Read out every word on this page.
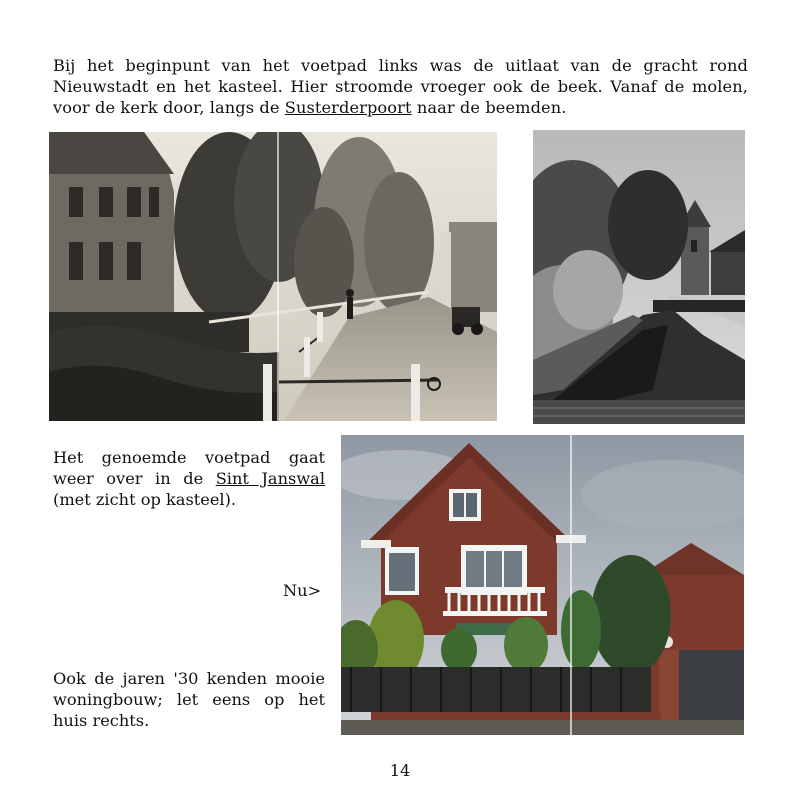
Bij het beginpunt van het voetpad links was de uitlaat van de gracht rond Nieuwstadt en het kasteel. Hier stroomde vroeger ook de beek. Vanaf de molen, voor de kerk door, langs de Susterderpoort naar de beemden.
Het genoemde voetpad gaat weer over in de Sint Janswal (met zicht op kasteel).
Nu>
Ook de jaren '30 kenden mooie woningbouw; let eens op het huis rechts.
14
